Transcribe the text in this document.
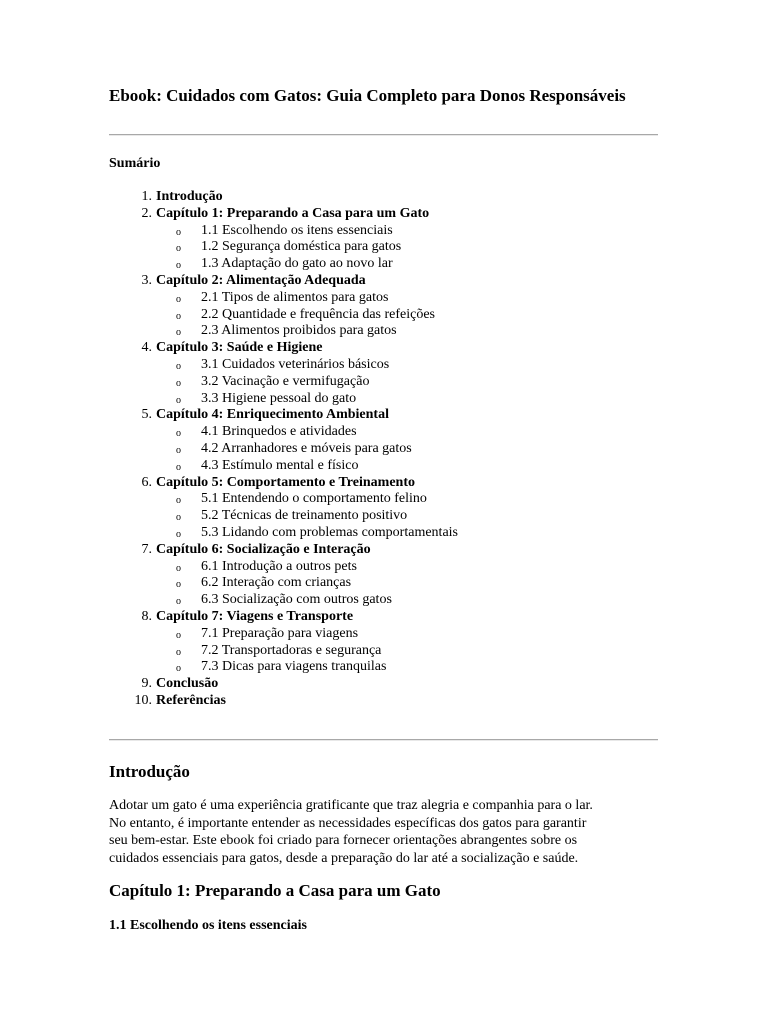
Ebook: Cuidados com Gatos: Guia Completo para Donos Responsáveis
Sumário
1. Introdução
2. Capítulo 1: Preparando a Casa para um Gato
o 1.1 Escolhendo os itens essenciais
o 1.2 Segurança doméstica para gatos
o 1.3 Adaptação do gato ao novo lar
3. Capítulo 2: Alimentação Adequada
o 2.1 Tipos de alimentos para gatos
o 2.2 Quantidade e frequência das refeições
o 2.3 Alimentos proibidos para gatos
4. Capítulo 3: Saúde e Higiene
o 3.1 Cuidados veterinários básicos
o 3.2 Vacinação e vermifugação
o 3.3 Higiene pessoal do gato
5. Capítulo 4: Enriquecimento Ambiental
o 4.1 Brinquedos e atividades
o 4.2 Arranhadores e móveis para gatos
o 4.3 Estímulo mental e físico
6. Capítulo 5: Comportamento e Treinamento
o 5.1 Entendendo o comportamento felino
o 5.2 Técnicas de treinamento positivo
o 5.3 Lidando com problemas comportamentais
7. Capítulo 6: Socialização e Interação
o 6.1 Introdução a outros pets
o 6.2 Interação com crianças
o 6.3 Socialização com outros gatos
8. Capítulo 7: Viagens e Transporte
o 7.1 Preparação para viagens
o 7.2 Transportadoras e segurança
o 7.3 Dicas para viagens tranquilas
9. Conclusão
10. Referências
Introdução

Adotar um gato é uma experiência gratificante que traz alegria e companhia para o lar.
No entanto, é importante entender as necessidades específicas dos gatos para garantir
seu bem-estar. Este ebook foi criado para fornecer orientações abrangentes sobre os
cuidados essenciais para gatos, desde a preparação do lar até a socialização e saúde.

Capítulo 1: Preparando a Casa para um Gato
1.1 Escolhendo os itens essenciais
